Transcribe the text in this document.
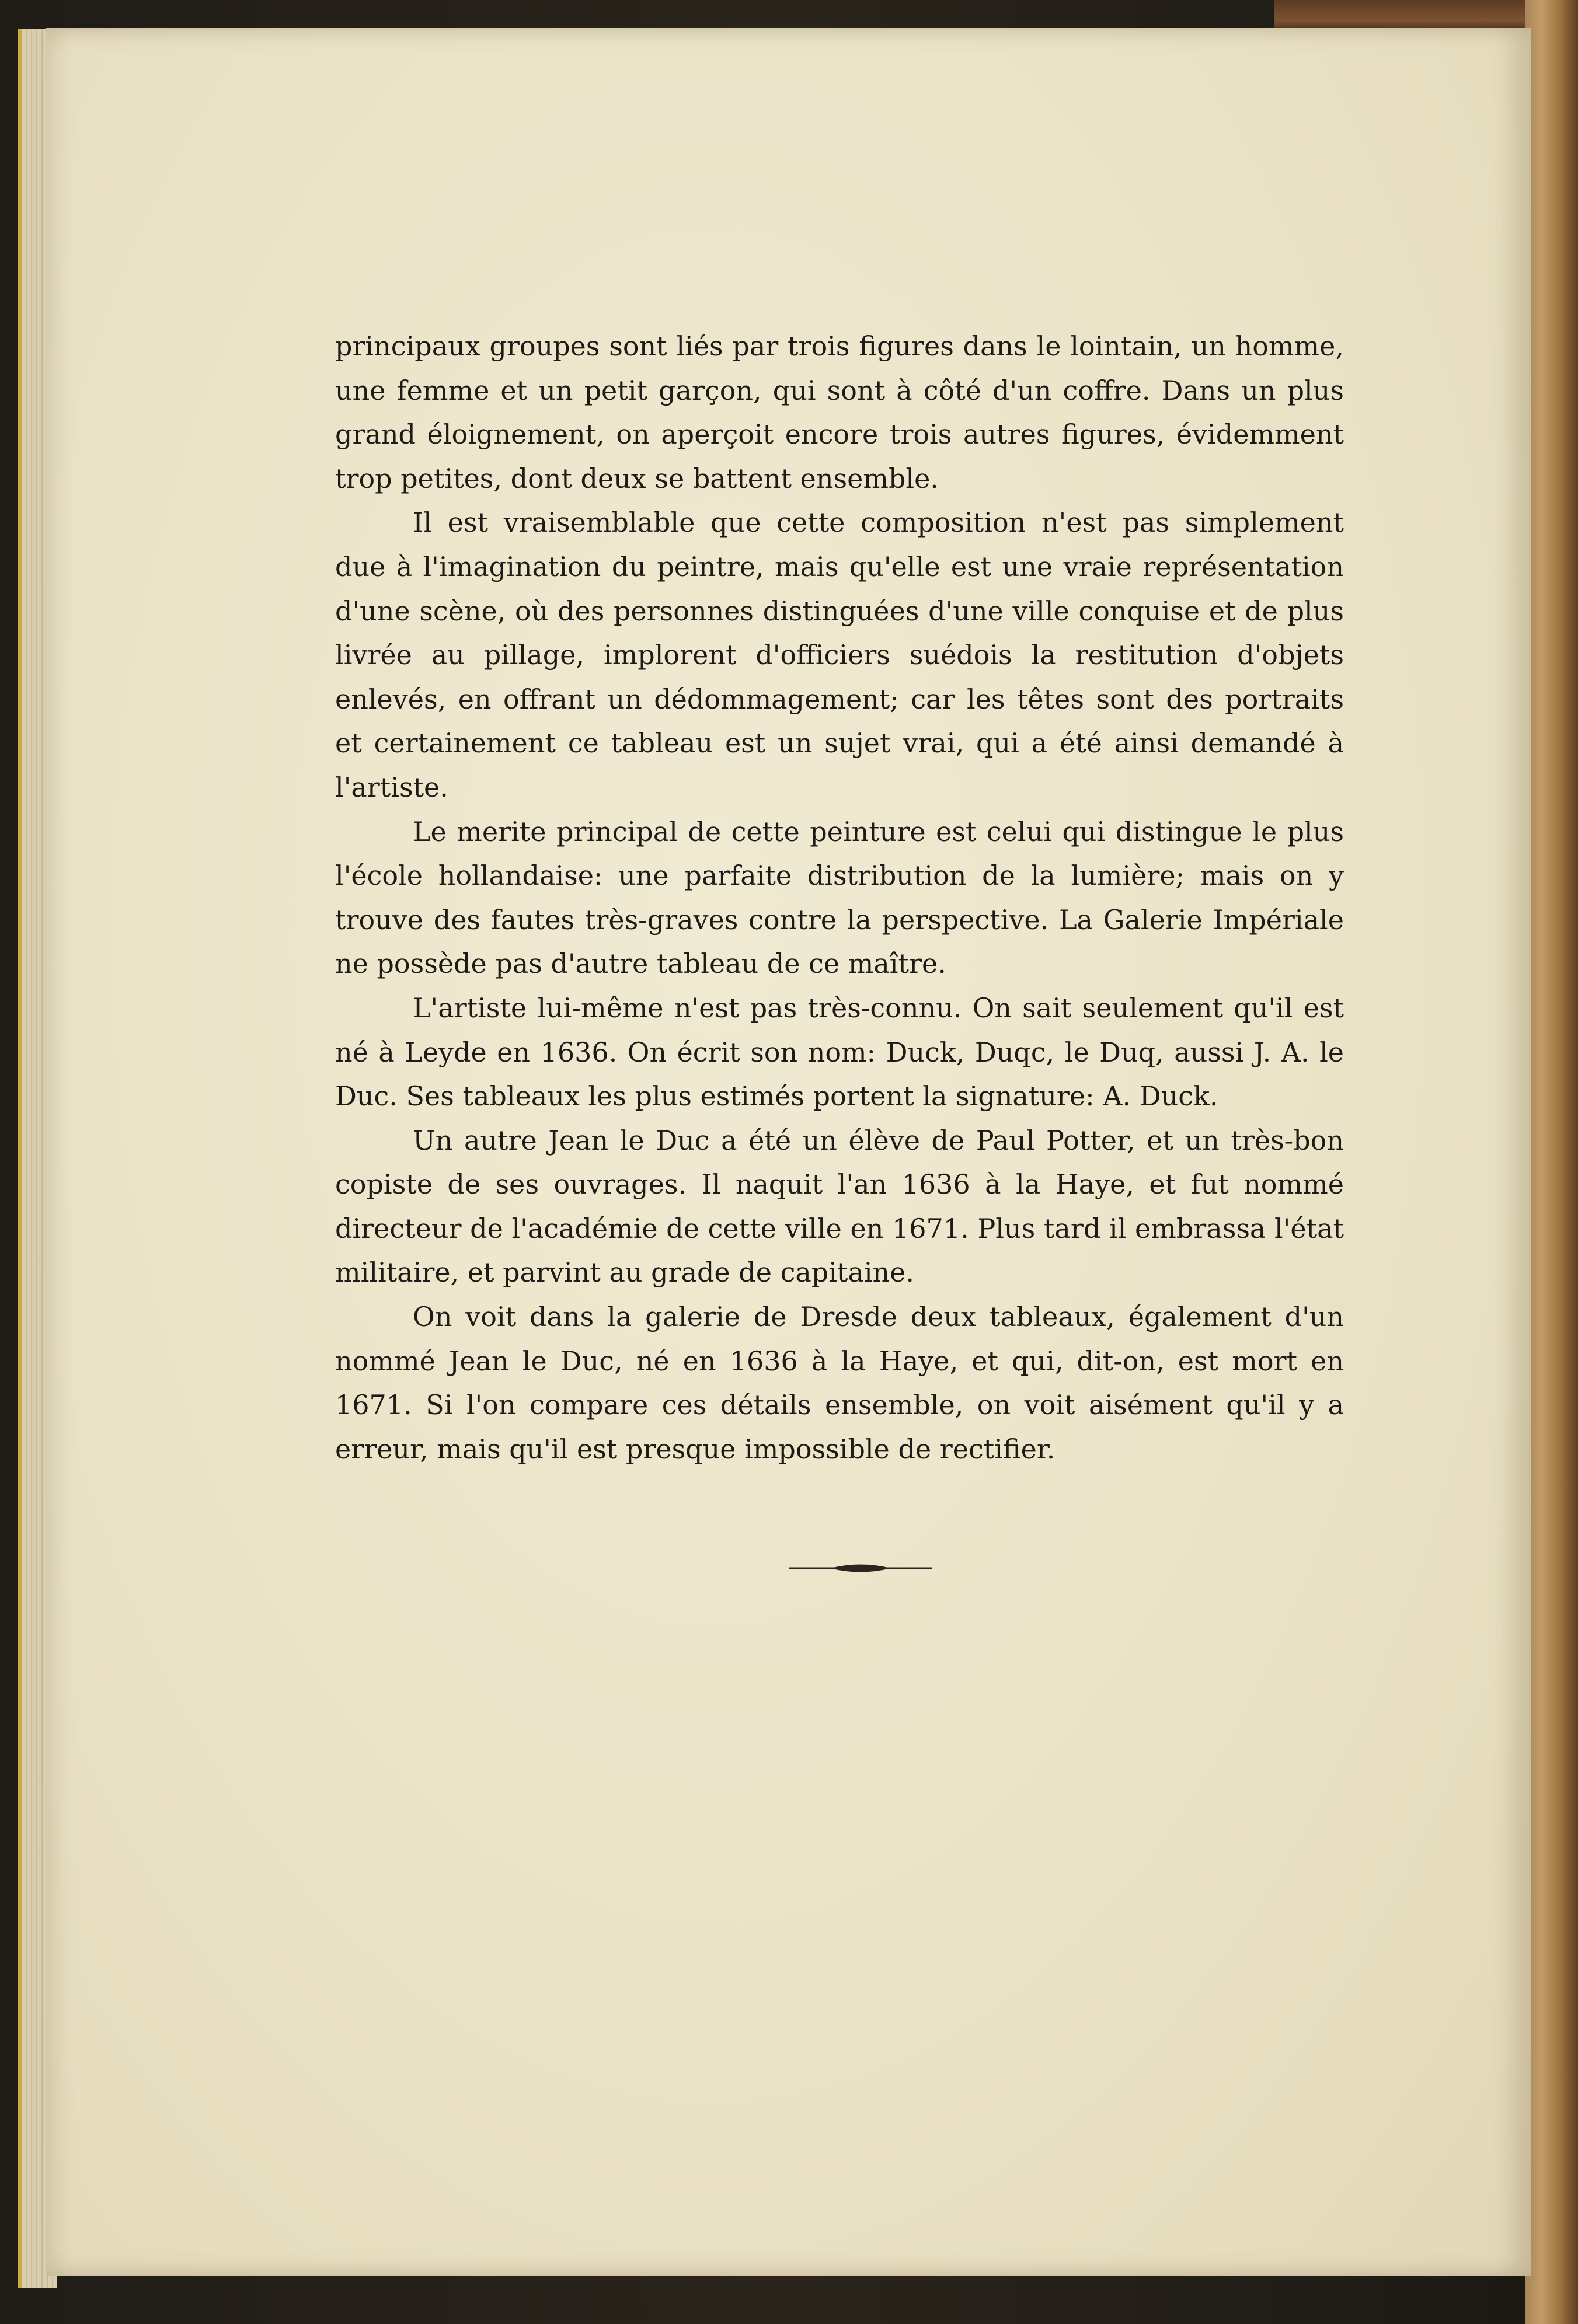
principaux groupes sont liés par trois figures dans le lointain, un homme, une femme et un petit garçon, qui sont à côté d'un coffre. Dans un plus grand éloignement, on aperçoit encore trois autres figures, évidemment trop petites, dont deux se battent ensemble.

Il est vraisemblable que cette composition n'est pas simplement due à l'imagination du peintre, mais qu'elle est une vraie représentation d'une scène, où des personnes distinguées d'une ville conquise et de plus livrée au pillage, implorent d'officiers suédois la restitution d'objets enlevés, en offrant un dédommagement; car les têtes sont des portraits et certainement ce tableau est un sujet vrai, qui a été ainsi demandé à l'artiste.

Le merite principal de cette peinture est celui qui distingue le plus l'école hollandaise: une parfaite distribution de la lumière; mais on y trouve des fautes très-graves contre la perspective. La Galerie Impériale ne possède pas d'autre tableau de ce maître.

L'artiste lui-même n'est pas très-connu. On sait seulement qu'il est né à Leyde en 1636. On écrit son nom: Duck, Duqc, le Duq, aussi J. A. le Duc. Ses tableaux les plus estimés portent la signature: A. Duck.

Un autre Jean le Duc a été un élève de Paul Potter, et un très-bon copiste de ses ouvrages. Il naquit l'an 1636 à la Haye, et fut nommé directeur de l'académie de cette ville en 1671. Plus tard il embrassa l'état militaire, et parvint au grade de capitaine.

On voit dans la galerie de Dresde deux tableaux, également d'un nommé Jean le Duc, né en 1636 à la Haye, et qui, dit-on, est mort en 1671. Si l'on compare ces détails ensemble, on voit aisément qu'il y a erreur, mais qu'il est presque impossible de rectifier.
